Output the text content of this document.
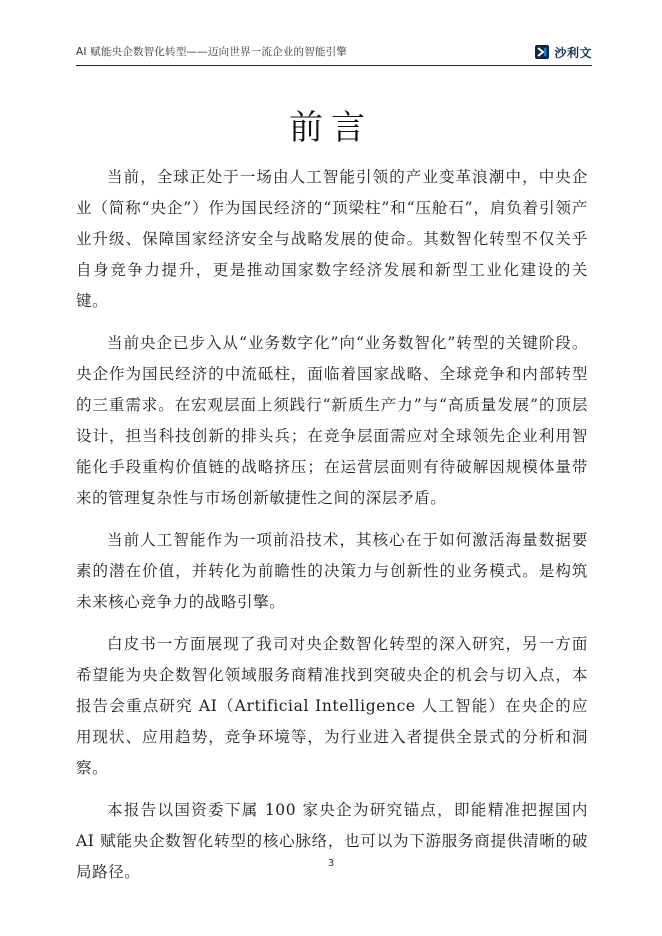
AI 赋能央企数智化转型——迈向世界一流企业的智能引擎	沙利文
前言

当前，全球正处于一场由人工智能引领的产业变革浪潮中，中央企业（简称“央企”）作为国民经济的“顶梁柱”和“压舱石”，肩负着引领产业升级、保障国家经济安全与战略发展的使命。其数智化转型不仅关乎自身竞争力提升，更是推动国家数字经济发展和新型工业化建设的关键。

当前央企已步入从“业务数字化”向“业务数智化”转型的关键阶段。央企作为国民经济的中流砥柱，面临着国家战略、全球竞争和内部转型的三重需求。在宏观层面上须践行“新质生产力”与“高质量发展”的顶层设计，担当科技创新的排头兵；在竞争层面需应对全球领先企业利用智能化手段重构价值链的战略挤压；在运营层面则有待破解因规模体量带来的管理复杂性与市场创新敏捷性之间的深层矛盾。

当前人工智能作为一项前沿技术，其核心在于如何激活海量数据要素的潜在价值，并转化为前瞻性的决策力与创新性的业务模式。是构筑未来核心竞争力的战略引擎。

白皮书一方面展现了我司对央企数智化转型的深入研究，另一方面希望能为央企数智化领域服务商精准找到突破央企的机会与切入点，本报告会重点研究 AI（Artificial Intelligence 人工智能）在央企的应用现状、应用趋势，竞争环境等，为行业进入者提供全景式的分析和洞察。

本报告以国资委下属 100 家央企为研究锚点，即能精准把握国内 AI 赋能央企数智化转型的核心脉络，也可以为下游服务商提供清晰的破局路径。	3
